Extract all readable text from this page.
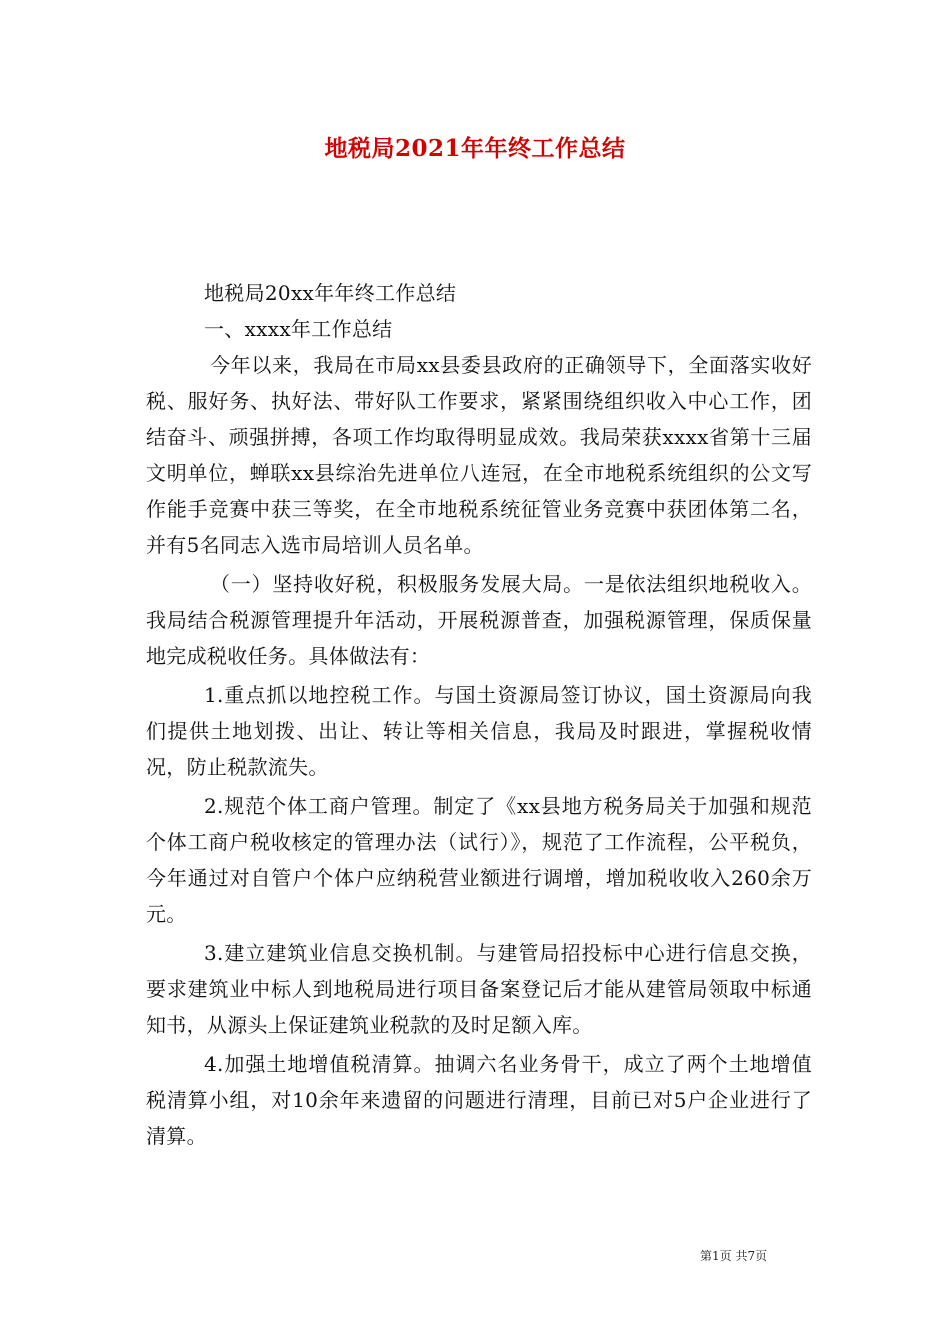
地税局2021年年终工作总结

地税局20xx年年终工作总结

一、xxxx年工作总结

今年以来，我局在市局xx县委县政府的正确领导下，全面落实收好税、服好务、执好法、带好队工作要求，紧紧围绕组织收入中心工作，团结奋斗、顽强拼搏，各项工作均取得明显成效。我局荣获xxxx省第十三届文明单位，蝉联xx县综治先进单位八连冠，在全市地税系统组织的公文写作能手竞赛中获三等奖，在全市地税系统征管业务竞赛中获团体第二名，并有5名同志入选市局培训人员名单。

（一）坚持收好税，积极服务发展大局。一是依法组织地税收入。我局结合税源管理提升年活动，开展税源普查，加强税源管理，保质保量地完成税收任务。具体做法有：

1.重点抓以地控税工作。与国土资源局签订协议，国土资源局向我们提供土地划拨、出让、转让等相关信息，我局及时跟进，掌握税收情况，防止税款流失。

2.规范个体工商户管理。制定了《xx县地方税务局关于加强和规范个体工商户税收核定的管理办法（试行）》，规范了工作流程，公平税负，今年通过对自管户个体户应纳税营业额进行调增，增加税收收入260余万元。

3.建立建筑业信息交换机制。与建管局招投标中心进行信息交换，要求建筑业中标人到地税局进行项目备案登记后才能从建管局领取中标通知书，从源头上保证建筑业税款的及时足额入库。

4.加强土地增值税清算。抽调六名业务骨干，成立了两个土地增值税清算小组，对10余年来遗留的问题进行清理，目前已对5户企业进行了清算。

第1页 共7页
